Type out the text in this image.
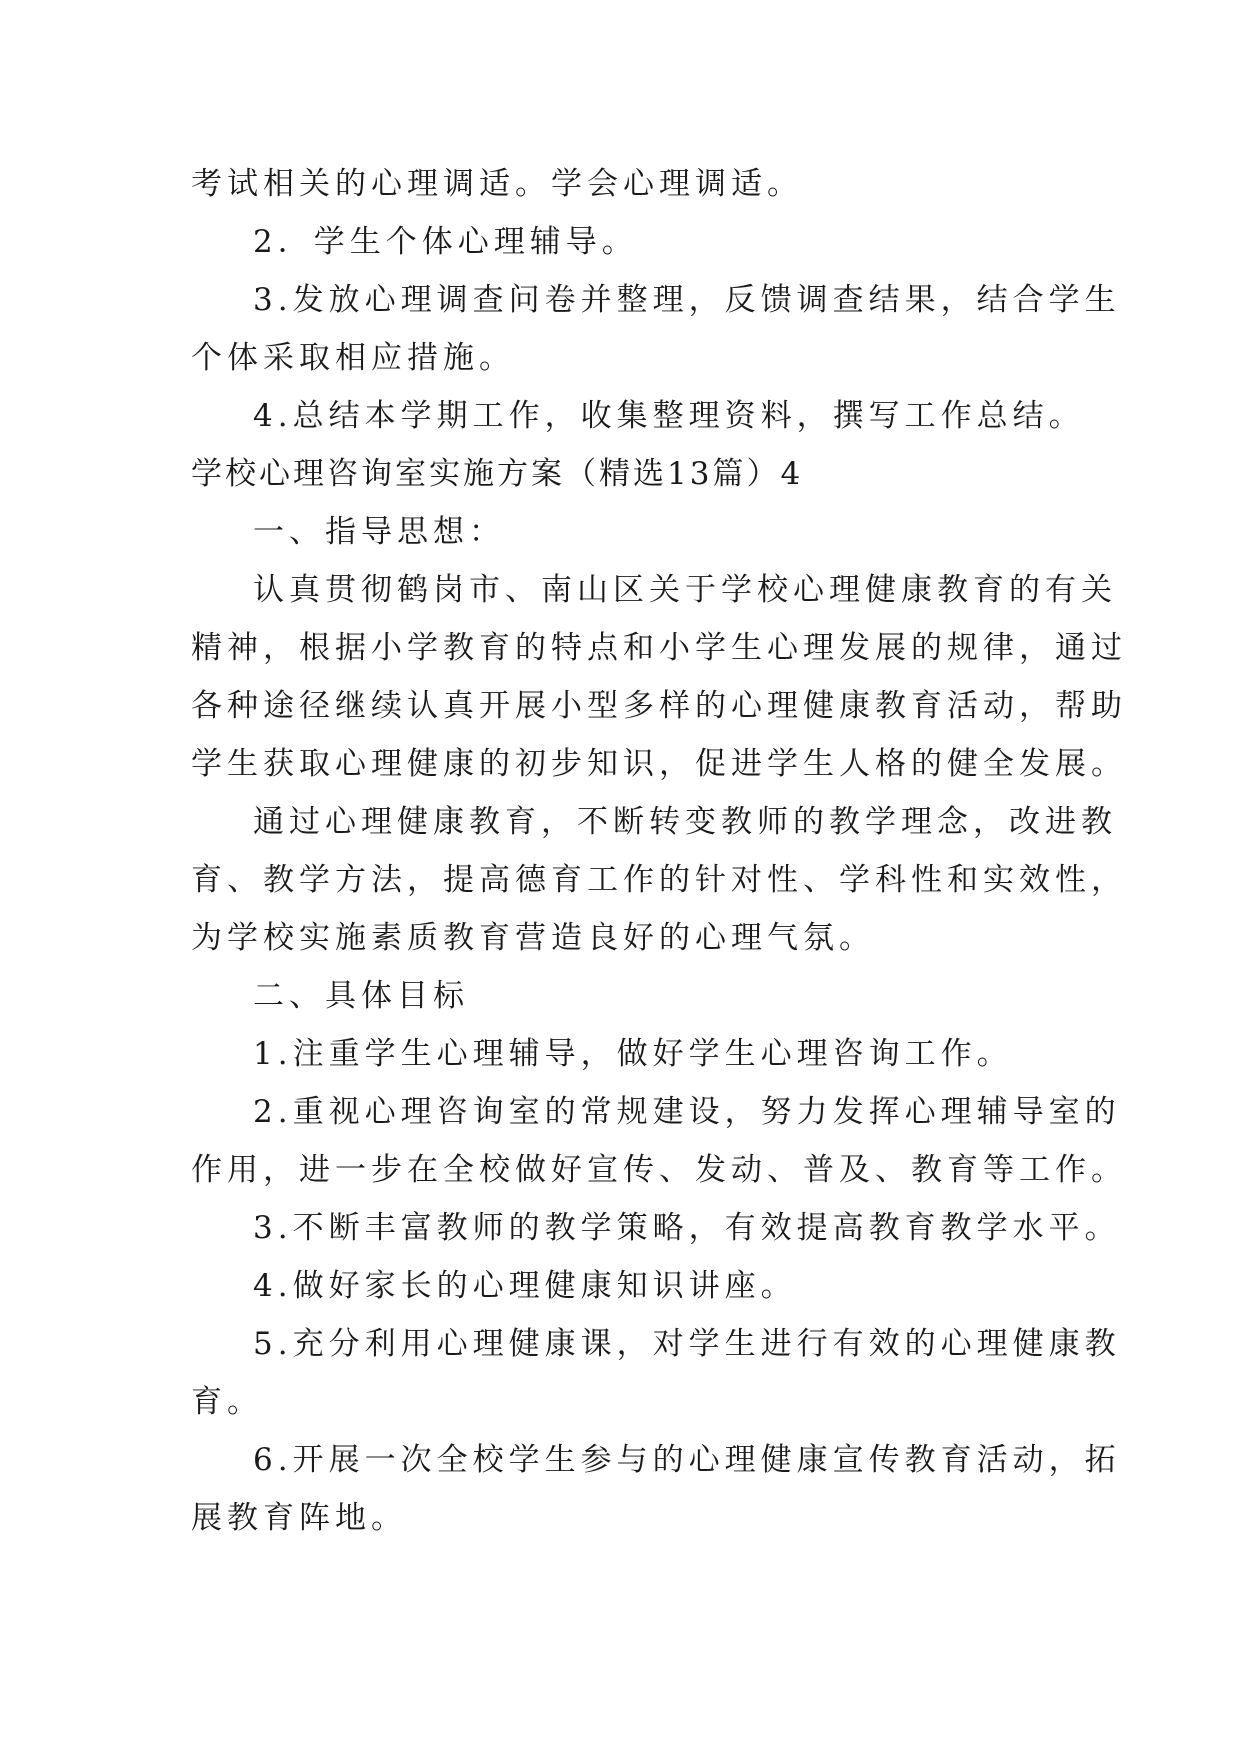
考试相关的心理调适。学会心理调适。
2．学生个体心理辅导。
3.发放心理调查问卷并整理，反馈调查结果，结合学生
个体采取相应措施。
4.总结本学期工作，收集整理资料，撰写工作总结。
学校心理咨询室实施方案（精选13篇）4
一、指导思想：
认真贯彻鹤岗市、南山区关于学校心理健康教育的有关
精神，根据小学教育的特点和小学生心理发展的规律，通过
各种途径继续认真开展小型多样的心理健康教育活动，帮助
学生获取心理健康的初步知识，促进学生人格的健全发展。
通过心理健康教育，不断转变教师的教学理念，改进教
育、教学方法，提高德育工作的针对性、学科性和实效性，
为学校实施素质教育营造良好的心理气氛。
二、具体目标
1.注重学生心理辅导，做好学生心理咨询工作。
2.重视心理咨询室的常规建设，努力发挥心理辅导室的
作用，进一步在全校做好宣传、发动、普及、教育等工作。
3.不断丰富教师的教学策略，有效提高教育教学水平。
4.做好家长的心理健康知识讲座。
5.充分利用心理健康课，对学生进行有效的心理健康教
育。
6.开展一次全校学生参与的心理健康宣传教育活动，拓
展教育阵地。
